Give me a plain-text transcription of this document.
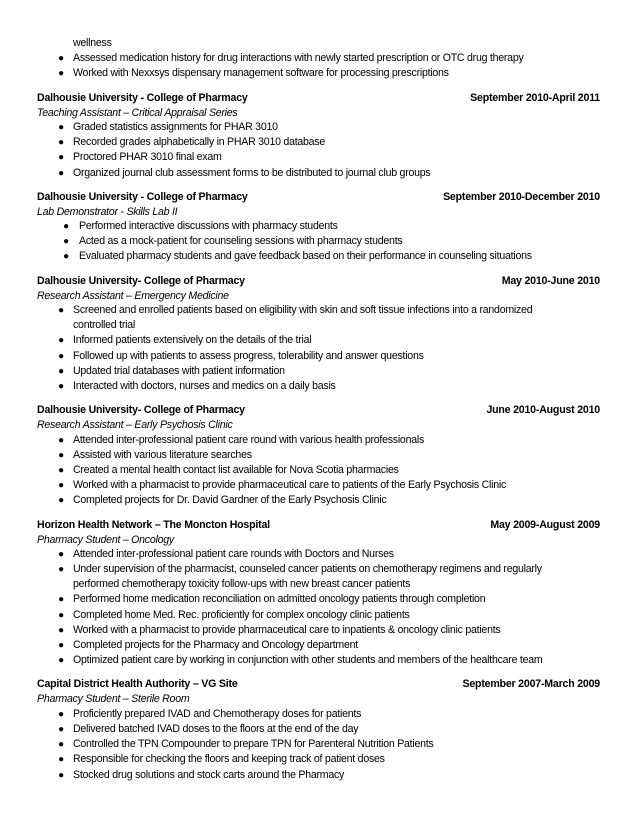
wellness
● Assessed medication history for drug interactions with newly started prescription or OTC drug therapy
● Worked with Nexxsys dispensary management software for processing prescriptions
Dalhousie University - College of Pharmacy	September 2010-April 2011
Teaching Assistant – Critical Appraisal Series
● Graded statistics assignments for PHAR 3010
● Recorded grades alphabetically in PHAR 3010 database
● Proctored PHAR 3010 final exam
● Organized journal club assessment forms to be distributed to journal club groups
Dalhousie University - College of Pharmacy	September 2010-December 2010
Lab Demonstrator - Skills Lab II
● Performed interactive discussions with pharmacy students
● Acted as a mock-patient for counseling sessions with pharmacy students
● Evaluated pharmacy students and gave feedback based on their performance in counseling situations
Dalhousie University- College of Pharmacy	May 2010-June 2010
Research Assistant – Emergency Medicine
● Screened and enrolled patients based on eligibility with skin and soft tissue infections into a randomized
controlled trial
● Informed patients extensively on the details of the trial
● Followed up with patients to assess progress, tolerability and answer questions
● Updated trial databases with patient information
● Interacted with doctors, nurses and medics on a daily basis
Dalhousie University- College of Pharmacy	June 2010-August 2010
Research Assistant – Early Psychosis Clinic
● Attended inter-professional patient care round with various health professionals
● Assisted with various literature searches
● Created a mental health contact list available for Nova Scotia pharmacies
● Worked with a pharmacist to provide pharmaceutical care to patients of the Early Psychosis Clinic
● Completed projects for Dr. David Gardner of the Early Psychosis Clinic
Horizon Health Network – The Moncton Hospital	May 2009-August 2009
Pharmacy Student – Oncology
● Attended inter-professional patient care rounds with Doctors and Nurses
● Under supervision of the pharmacist, counseled cancer patients on chemotherapy regimens and regularly
performed chemotherapy toxicity follow-ups with new breast cancer patients
● Performed home medication reconciliation on admitted oncology patients through completion
● Completed home Med. Rec. proficiently for complex oncology clinic patients
● Worked with a pharmacist to provide pharmaceutical care to inpatients & oncology clinic patients
● Completed projects for the Pharmacy and Oncology department
● Optimized patient care by working in conjunction with other students and members of the healthcare team
Capital District Health Authority – VG Site	September 2007-March 2009
Pharmacy Student – Sterile Room
● Proficiently prepared IVAD and Chemotherapy doses for patients
● Delivered batched IVAD doses to the floors at the end of the day
● Controlled the TPN Compounder to prepare TPN for Parenteral Nutrition Patients
● Responsible for checking the floors and keeping track of patient doses
● Stocked drug solutions and stock carts around the Pharmacy
